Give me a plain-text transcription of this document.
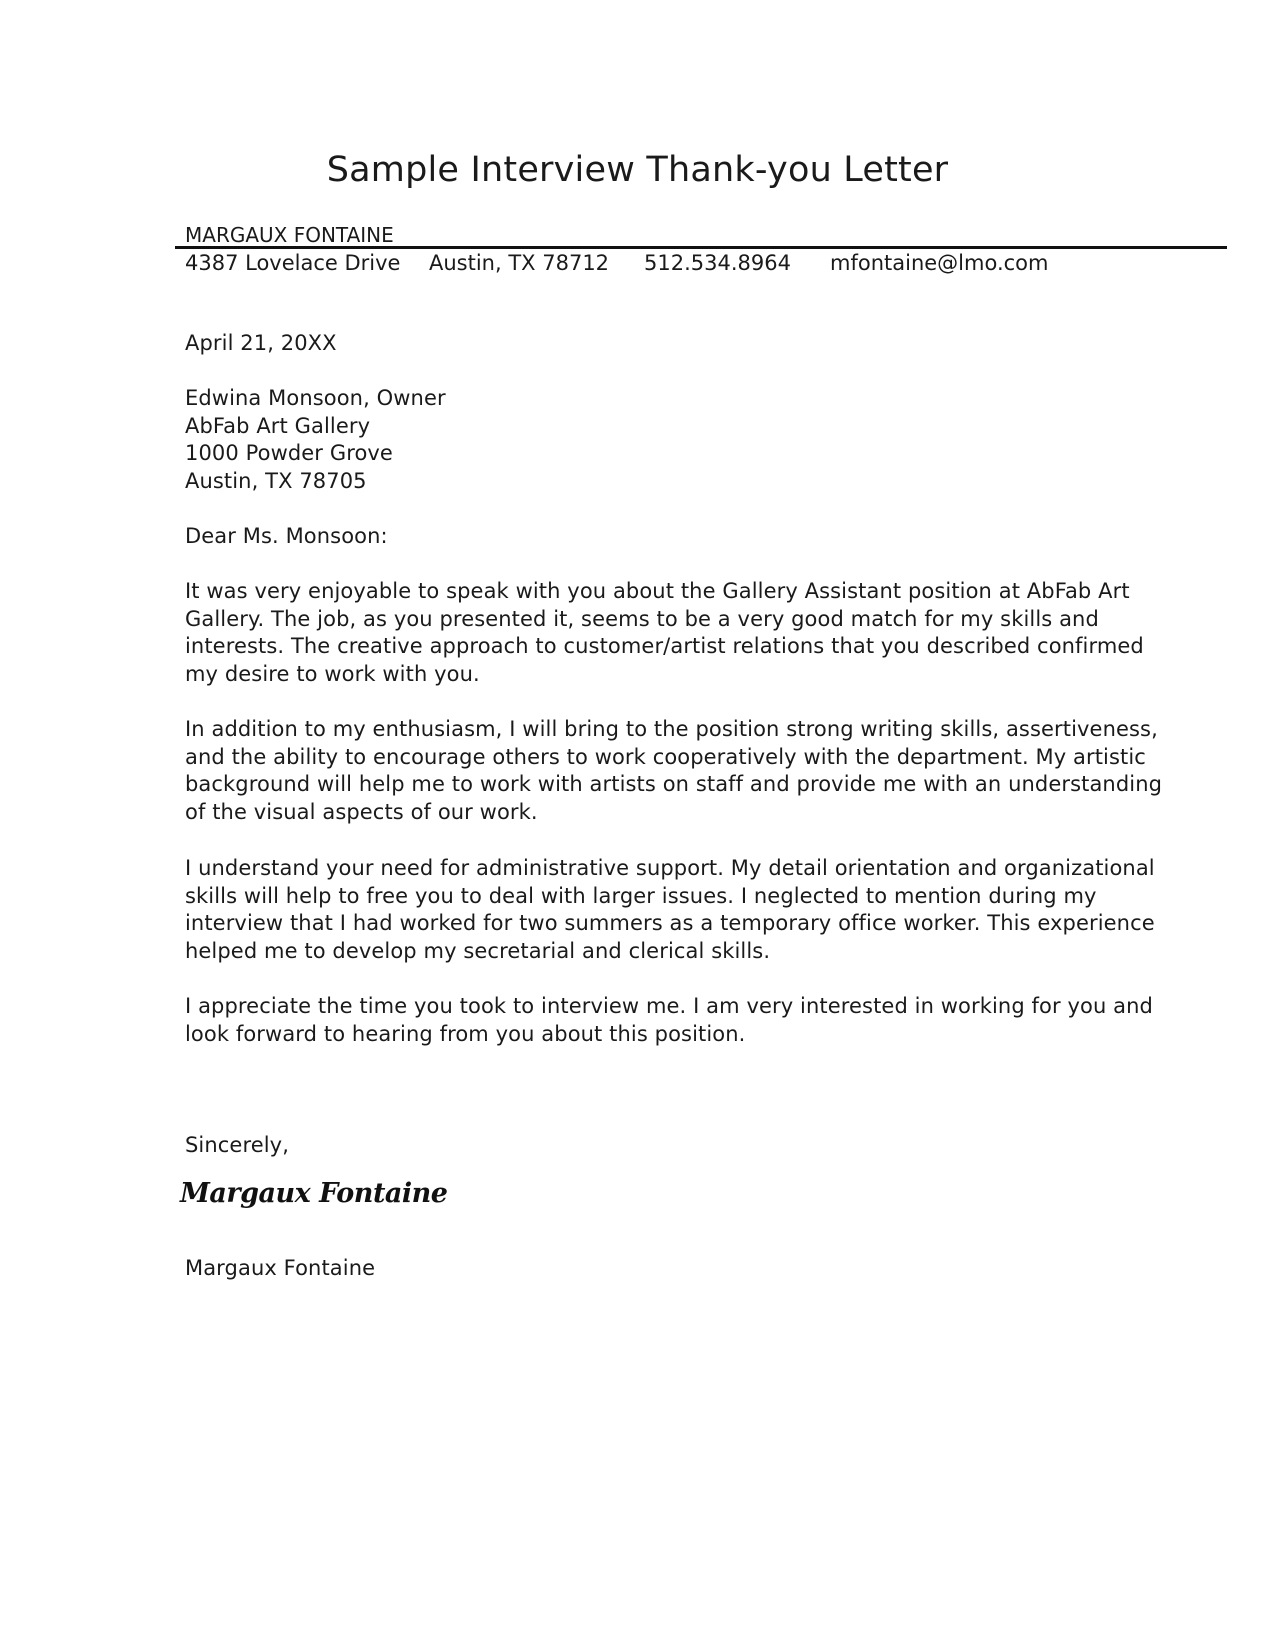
Sample Interview Thank-you Letter
MARGAUX FONTAINE
4387 Lovelace Drive Austin, TX 78712 512.534.8964 mfontaine@lmo.com
April 21, 20XX
Edwina Monsoon, Owner
AbFab Art Gallery
1000 Powder Grove
Austin, TX 78705
Dear Ms. Monsoon:
It was very enjoyable to speak with you about the Gallery Assistant position at AbFab Art
Gallery. The job, as you presented it, seems to be a very good match for my skills and
interests. The creative approach to customer/artist relations that you described confirmed
my desire to work with you.
In addition to my enthusiasm, I will bring to the position strong writing skills, assertiveness,
and the ability to encourage others to work cooperatively with the department. My artistic
background will help me to work with artists on staff and provide me with an understanding
of the visual aspects of our work.
I understand your need for administrative support. My detail orientation and organizational
skills will help to free you to deal with larger issues. I neglected to mention during my
interview that I had worked for two summers as a temporary office worker. This experience
helped me to develop my secretarial and clerical skills.
I appreciate the time you took to interview me. I am very interested in working for you and
look forward to hearing from you about this position.
Sincerely,
Margaux Fontaine
Margaux Fontaine
